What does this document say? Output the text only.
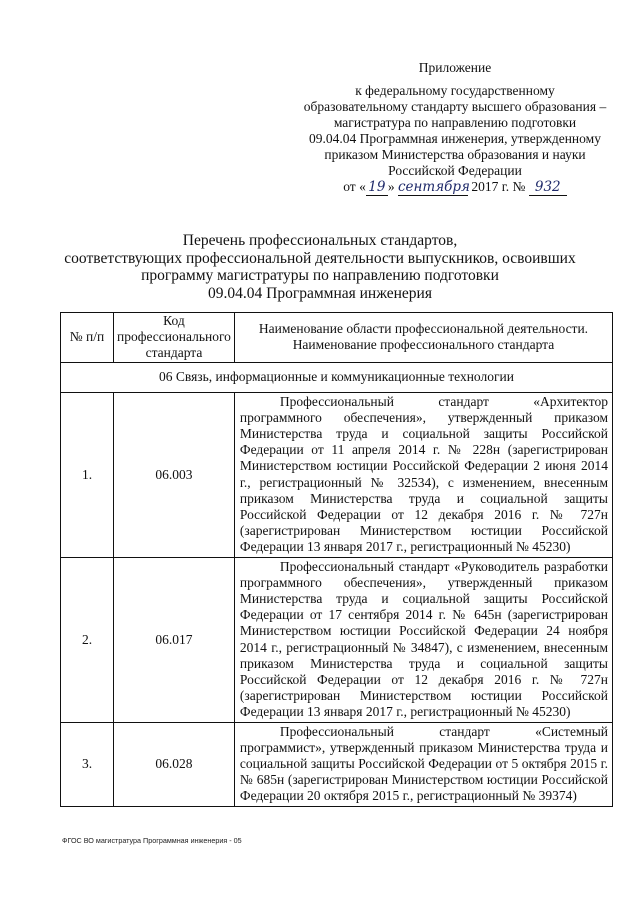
Приложение
к федеральному государственному
образовательному стандарту высшего образования –
магистратура по направлению подготовки
09.04.04 Программная инженерия, утвержденному
приказом Министерства образования и науки
Российской Федерации
от « 19 » сентября 2017 г. № 932
Перечень профессиональных стандартов,
соответствующих профессиональной деятельности выпускников, освоивших
программу магистратуры по направлению подготовки
09.04.04 Программная инженерия
№ п/п	Код профессионального стандарта	Наименование области профессиональной деятельности.
Наименование профессионального стандарта

06 Связь, информационные и коммуникационные технологии		
1.	06.003	Профессиональный стандарт «Архитектор программного обеспечения», утвержденный приказом Министерства труда и социальной защиты Российской Федерации от 11 апреля 2014 г. № 228н (зарегистрирован Министерством юстиции Российской Федерации 2 июня 2014 г., регистрационный № 32534), с изменением, внесенным приказом Министерства труда и социальной защиты Российской Федерации от 12 декабря 2016 г. № 727н (зарегистрирован Министерством юстиции Российской Федерации 13 января 2017 г., регистрационный № 45230)
2.	06.017	Профессиональный стандарт «Руководитель разработки программного обеспечения», утвержденный приказом Министерства труда и социальной защиты Российской Федерации от 17 сентября 2014 г. № 645н (зарегистрирован Министерством юстиции Российской Федерации 24 ноября 2014 г., регистрационный № 34847), с изменением, внесенным приказом Министерства труда и социальной защиты Российской Федерации от 12 декабря 2016 г. № 727н (зарегистрирован Министерством юстиции Российской Федерации 13 января 2017 г., регистрационный № 45230)
3.	06.028	Профессиональный стандарт «Системный программист», утвержденный приказом Министерства труда и социальной защиты Российской Федерации от 5 октября 2015 г. № 685н (зарегистрирован Министерством юстиции Российской Федерации 20 октября 2015 г., регистрационный № 39374)
ФГОС ВО магистратура Программная инженерия - 05
